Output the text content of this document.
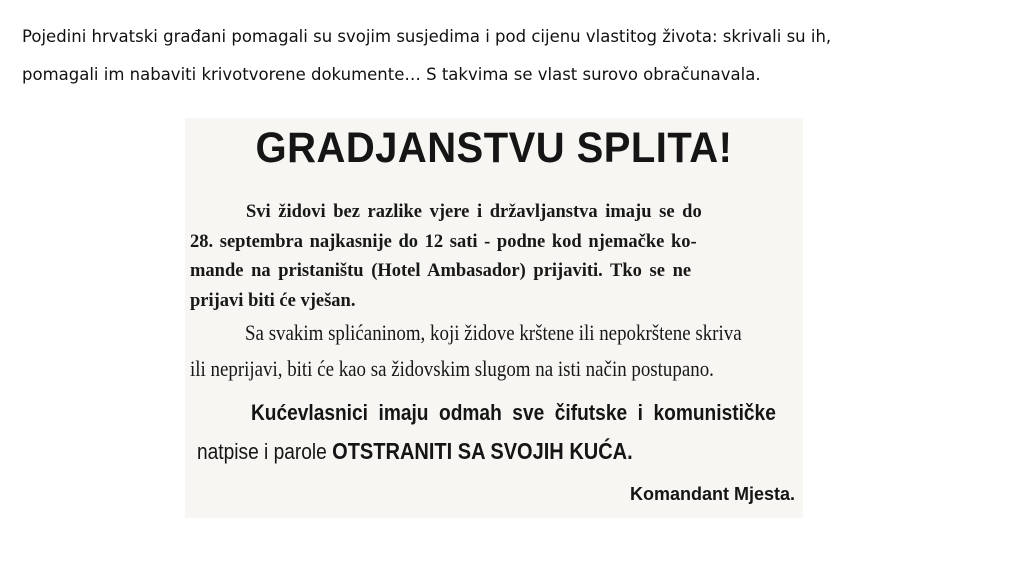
Pojedini hrvatski građani pomagali su svojim susjedima i pod cijenu vlastitog života: skrivali su ih,

pomagali im nabaviti krivotvorene dokumente… S takvima se vlast surovo obračunavala.

GRADJANSTVU SPLITA!
Svi židovi bez razlike vjere i državljanstva imaju se do
28. septembra najkasnije do 12 sati - podne kod njemačke ko-
mande na pristaništu (Hotel Ambasador) prijaviti. Tko se ne
prijavi biti će vješan.
Sa svakim splićaninom, koji židove krštene ili nepokrštene skriva
ili neprijavi, biti će kao sa židovskim slugom na isti način postupano.
Kućevlasnici imaju odmah sve čifutske i komunističke
natpise i parole OTSTRANITI SA SVOJIH KUĆA.
Komandant Mjesta.
